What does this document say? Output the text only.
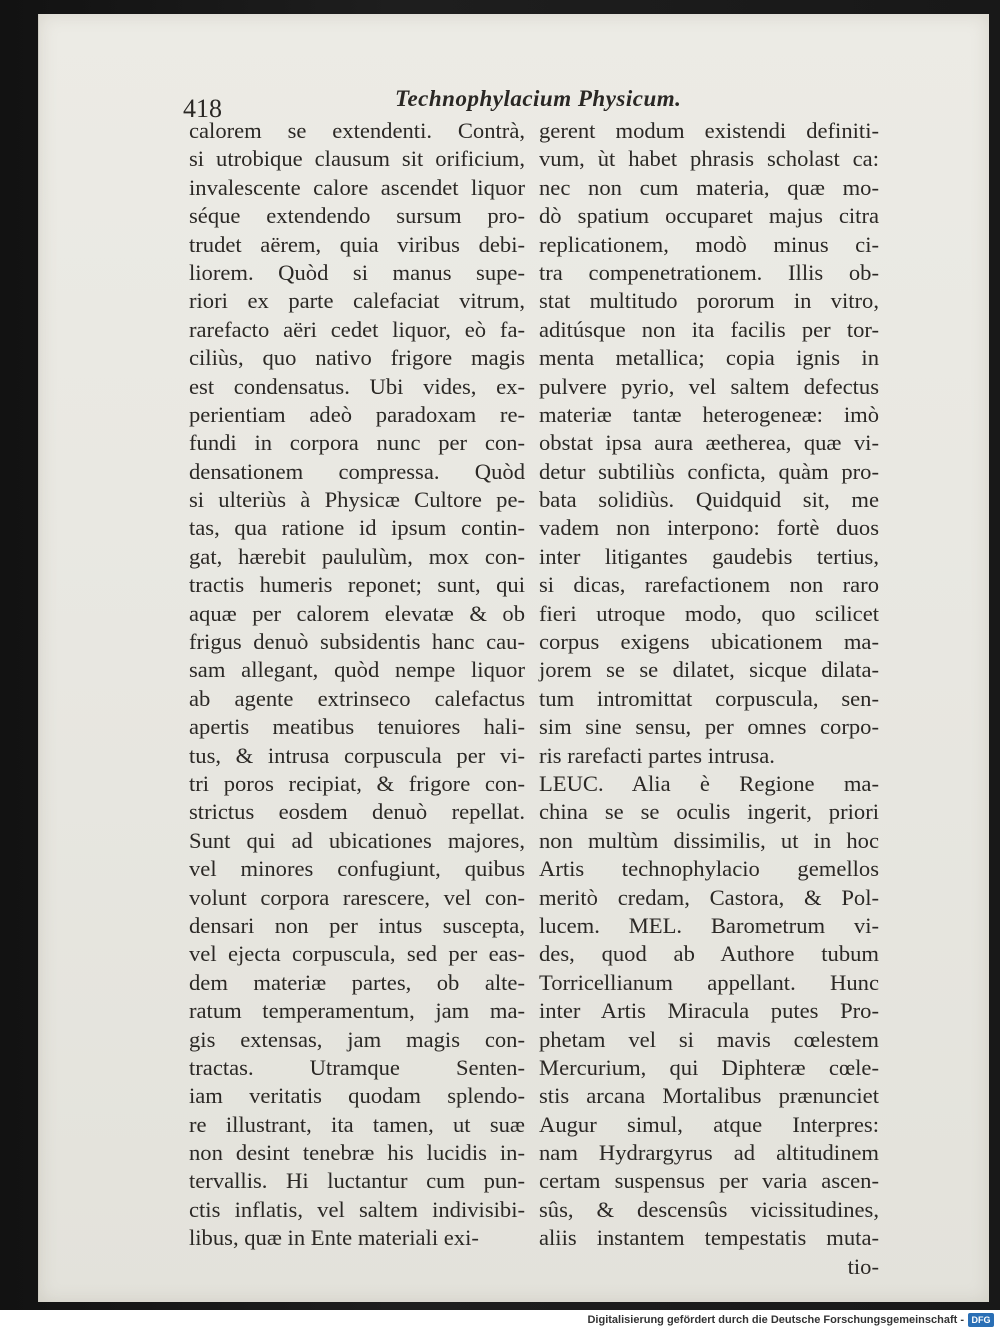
418	Technophylacium Physicum.
calorem se extendenti. Contrà,
si utrobique clausum sit orificium,
invalescente calore ascendet liquor
séque extendendo sursum pro-
trudet aërem, quia viribus debi-
liorem. Quòd si manus supe-
riori ex parte calefaciat vitrum,
rarefacto aëri cedet liquor, eò fa-
ciliùs, quo nativo frigore magis
est condensatus. Ubi vides, ex-
perientiam adeò paradoxam re-
fundi in corpora nunc per con-
densationem compressa. Quòd
si ulteriùs à Physicæ Cultore pe-
tas, qua ratione id ipsum contin-
gat, hærebit paululùm, mox con-
tractis humeris reponet; sunt, qui
aquæ per calorem elevatæ & ob
frigus denuò subsidentis hanc cau-
sam allegant, quòd nempe liquor
ab agente extrinseco calefactus
apertis meatibus tenuiores hali-
tus, & intrusa corpuscula per vi-
tri poros recipiat, & frigore con-
strictus eosdem denuò repellat.
Sunt qui ad ubicationes majores,
vel minores confugiunt, quibus
volunt corpora rarescere, vel con-
densari non per intus suscepta,
vel ejecta corpuscula, sed per eas-
dem materiæ partes, ob alte-
ratum temperamentum, jam ma-
gis extensas, jam magis con-
tractas. Utramque Senten-
iam veritatis quodam splendo-
re illustrant, ita tamen, ut suæ
non desint tenebræ his lucidis in-
tervallis. Hi luctantur cum pun-
ctis inflatis, vel saltem indivisibi-
libus, quæ in Ente materiali exi-
gerent modum existendi definiti-
vum, ùt habet phrasis scholast ca:
nec non cum materia, quæ mo-
dò spatium occuparet majus citra
replicationem, modò minus ci-
tra compenetrationem. Illis ob-
stat multitudo pororum in vitro,
aditúsque non ita facilis per tor-
menta metallica; copia ignis in
pulvere pyrio, vel saltem defectus
materiæ tantæ heterogeneæ: imò
obstat ipsa aura æetherea, quæ vi-
detur subtiliùs conficta, quàm pro-
bata solidiùs. Quidquid sit, me
vadem non interpono: fortè duos
inter litigantes gaudebis tertius,
si dicas, rarefactionem non raro
fieri utroque modo, quo scilicet
corpus exigens ubicationem ma-
jorem se se dilatet, sicque dilata-
tum intromittat corpuscula, sen-
sim sine sensu, per omnes corpo-
ris rarefacti partes intrusa.
LEUC. Alia è Regione ma-
china se se oculis ingerit, priori
non multùm dissimilis, ut in hoc
Artis technophylacio gemellos
meritò credam, Castora, & Pol-
lucem. MEL. Barometrum vi-
des, quod ab Authore tubum
Torricellianum appellant. Hunc
inter Artis Miracula putes Pro-
phetam vel si mavis cœlestem
Mercurium, qui Diphteræ cœle-
stis arcana Mortalibus prænunciet
Augur simul, atque Interpres:
nam Hydrargyrus ad altitudinem
certam suspensus per varia ascen-
sûs, & descensûs vicissitudines,
aliis instantem tempestatis muta-
tio-
Digitalisierung gefördert durch die Deutsche Forschungsgemeinschaft - DFG
